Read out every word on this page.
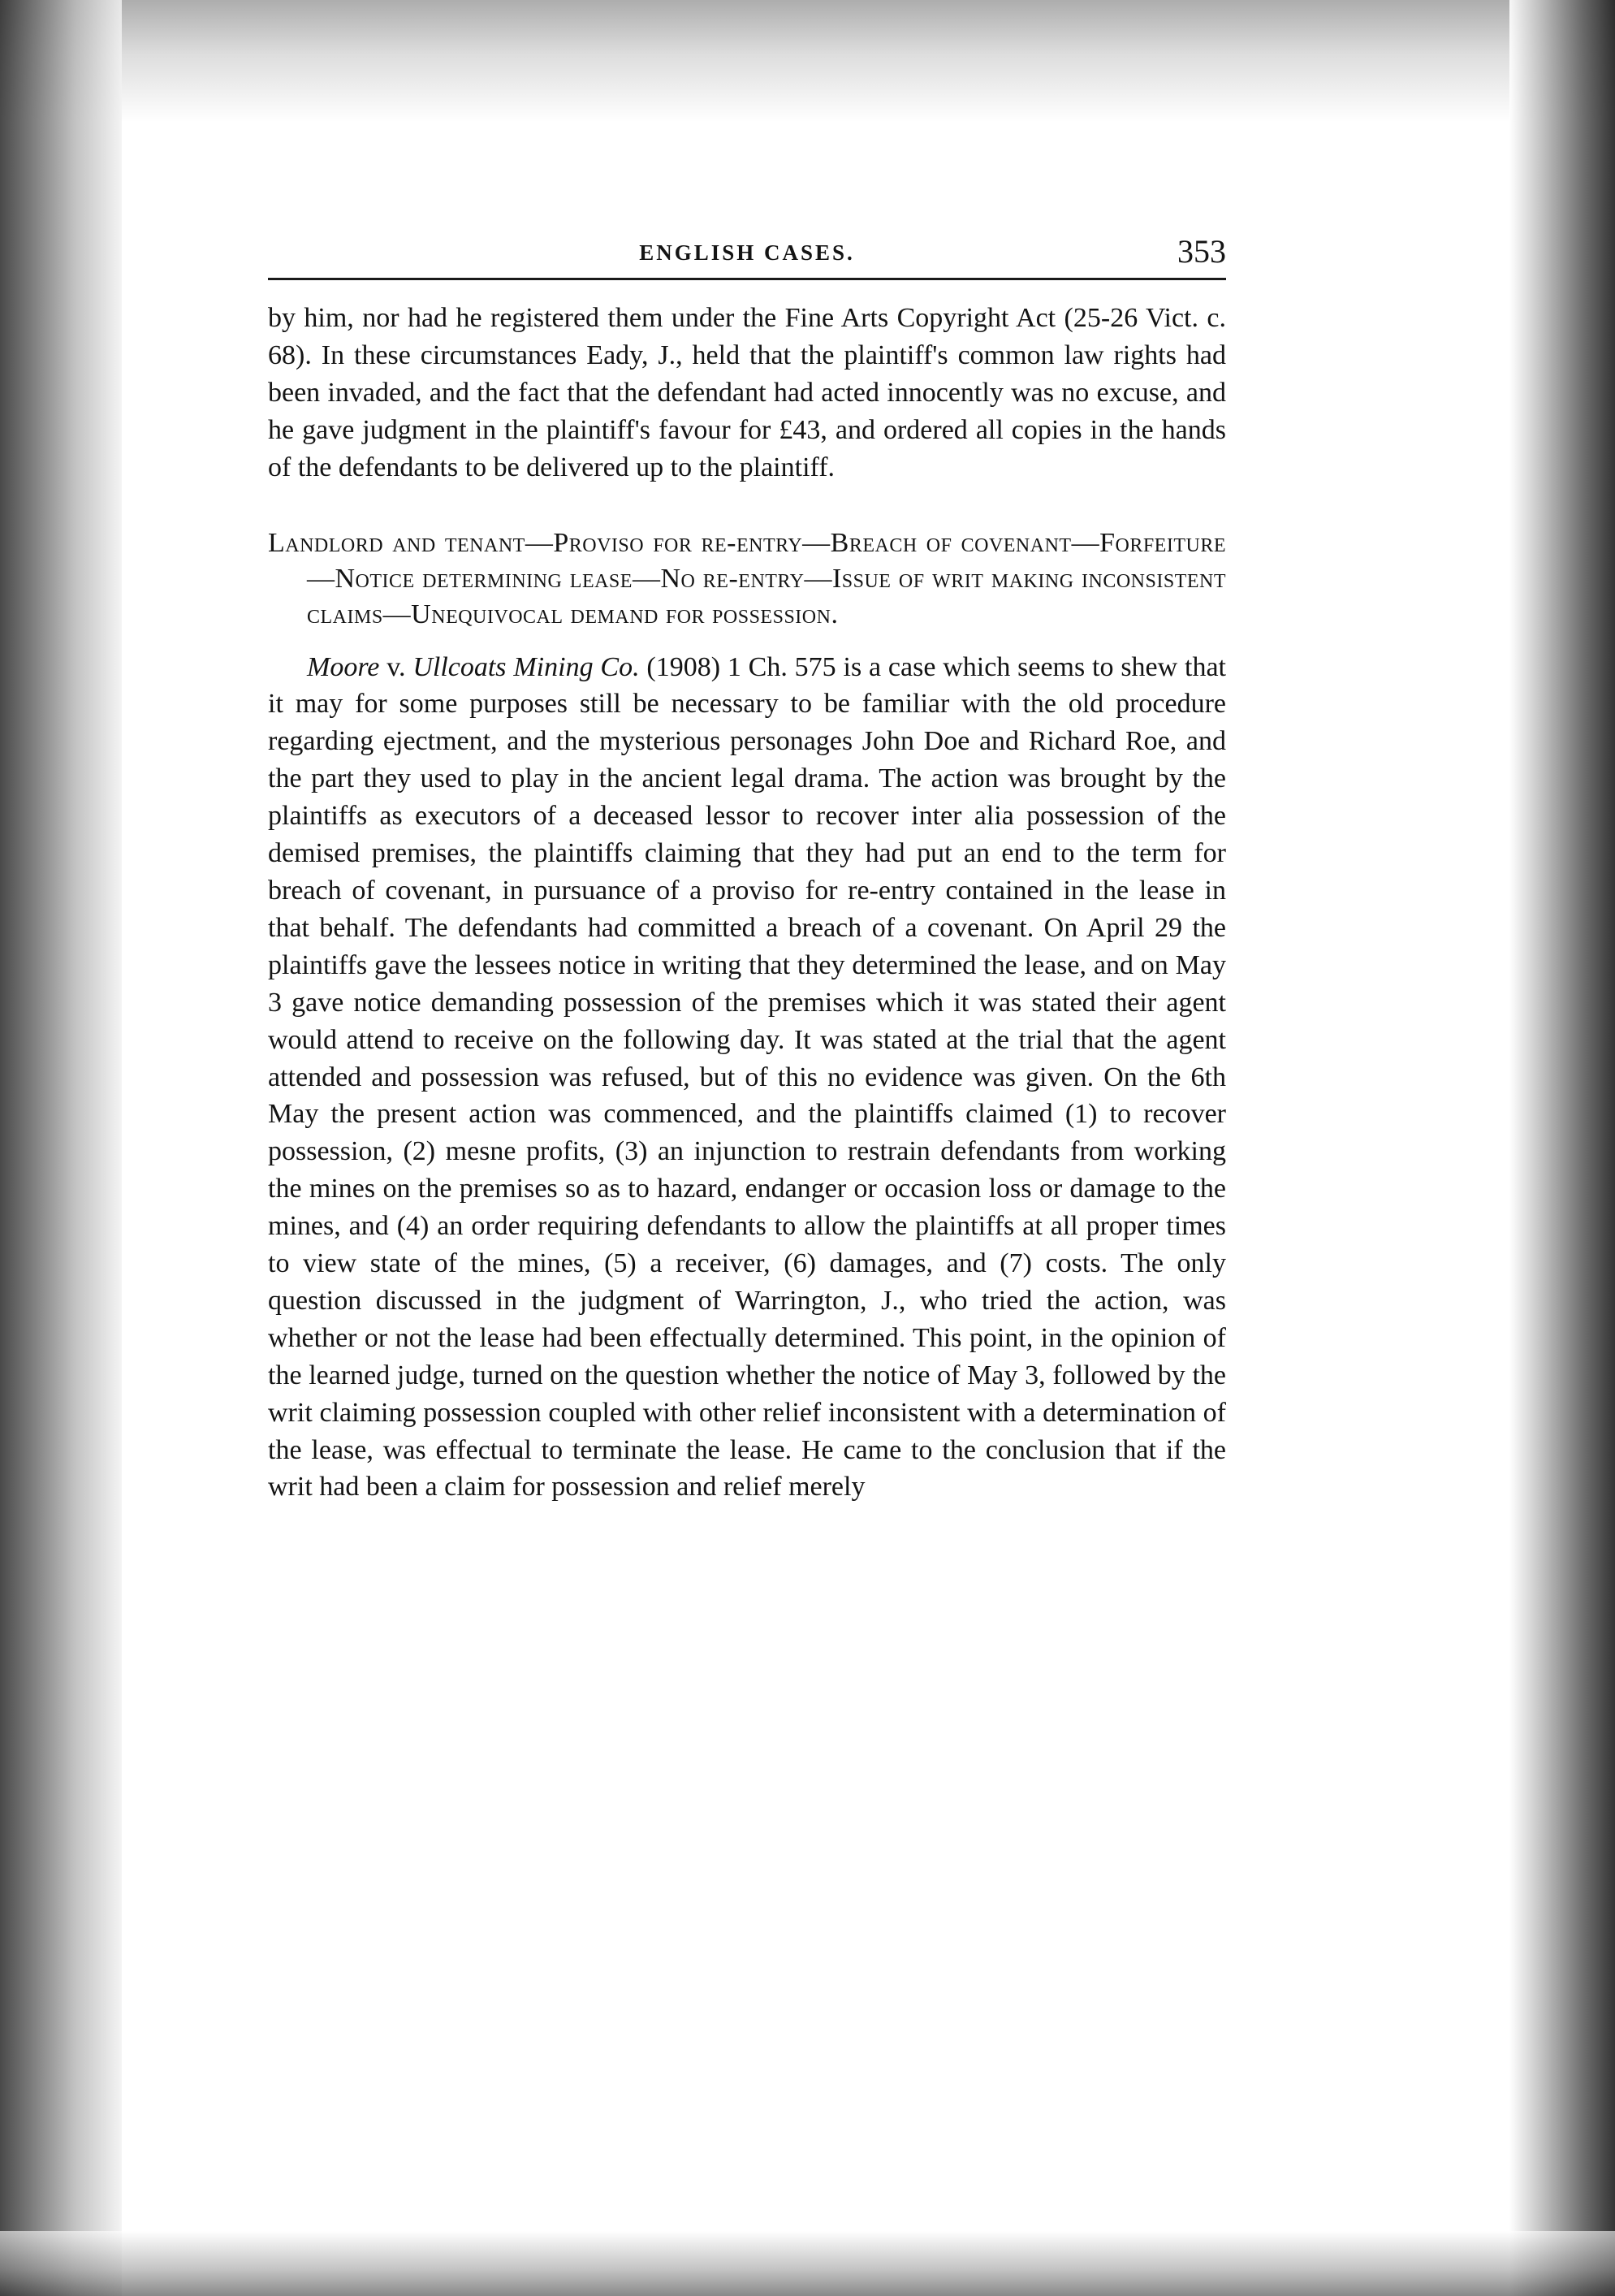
ENGLISH CASES.	353

by him, nor had he registered them under the Fine Arts Copyright Act (25-26 Vict. c. 68). In these circumstances Eady, J., held that the plaintiff's common law rights had been invaded, and the fact that the defendant had acted innocently was no excuse, and he gave judgment in the plaintiff's favour for £43, and ordered all copies in the hands of the defendants to be delivered up to the plaintiff.

Landlord and tenant—Proviso for re-entry—Breach of covenant—Forfeiture—Notice determining lease—No re-entry—Issue of writ making inconsistent claims—Unequivocal demand for possession.

Moore v. Ullcoats Mining Co. (1908) 1 Ch. 575 is a case which seems to shew that it may for some purposes still be necessary to be familiar with the old procedure regarding ejectment, and the mysterious personages John Doe and Richard Roe, and the part they used to play in the ancient legal drama. The action was brought by the plaintiffs as executors of a deceased lessor to recover inter alia possession of the demised premises, the plaintiffs claiming that they had put an end to the term for breach of covenant, in pursuance of a proviso for re-entry contained in the lease in that behalf. The defendants had committed a breach of a covenant. On April 29 the plaintiffs gave the lessees notice in writing that they determined the lease, and on May 3 gave notice demanding possession of the premises which it was stated their agent would attend to receive on the following day. It was stated at the trial that the agent attended and possession was refused, but of this no evidence was given. On the 6th May the present action was commenced, and the plaintiffs claimed (1) to recover possession, (2) mesne profits, (3) an injunction to restrain defendants from working the mines on the premises so as to hazard, endanger or occasion loss or damage to the mines, and (4) an order requiring defendants to allow the plaintiffs at all proper times to view state of the mines, (5) a receiver, (6) damages, and (7) costs. The only question discussed in the judgment of Warrington, J., who tried the action, was whether or not the lease had been effectually determined. This point, in the opinion of the learned judge, turned on the question whether the notice of May 3, followed by the writ claiming possession coupled with other relief inconsistent with a determination of the lease, was effectual to terminate the lease. He came to the conclusion that if the writ had been a claim for possession and relief merely
